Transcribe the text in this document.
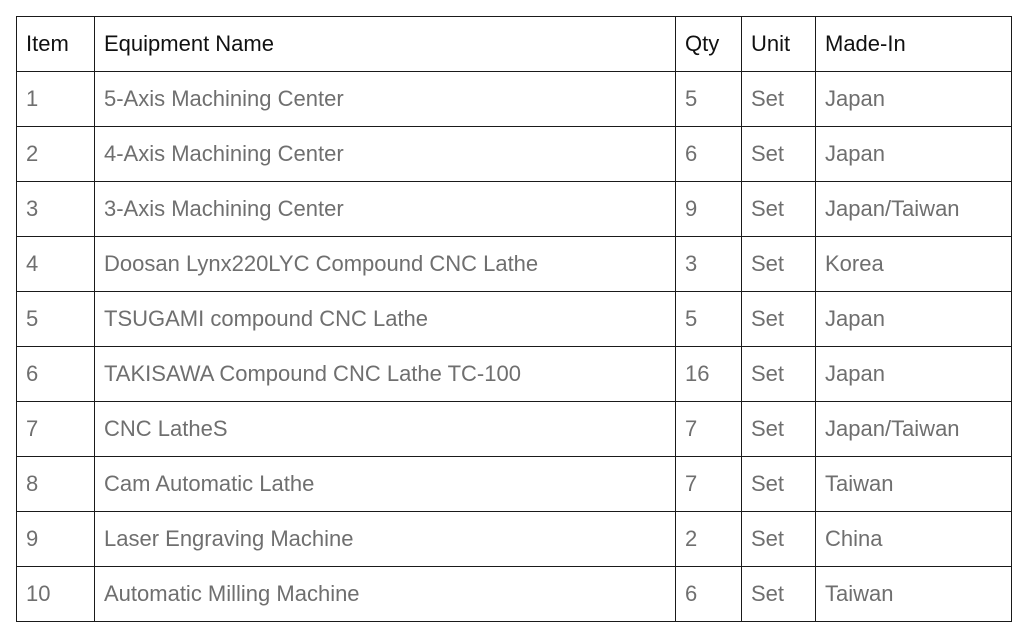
Item	Equipment Name	Qty	Unit	Made-In
1	5-Axis Machining Center	5	Set	Japan
2	4-Axis Machining Center	6	Set	Japan
3	3-Axis Machining Center	9	Set	Japan/Taiwan
4	Doosan Lynx220LYC Compound CNC Lathe	3	Set	Korea
5	TSUGAMI compound CNC Lathe	5	Set	Japan
6	TAKISAWA Compound CNC Lathe TC-100	16	Set	Japan
7	CNC LatheS	7	Set	Japan/Taiwan
8	Cam Automatic Lathe	7	Set	Taiwan
9	Laser Engraving Machine	2	Set	China
10	Automatic Milling Machine	6	Set	Taiwan
